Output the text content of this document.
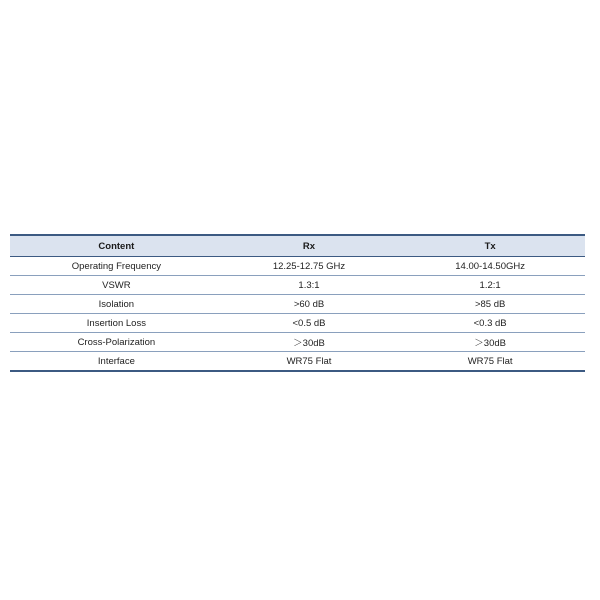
Content	Rx	Tx
Operating Frequency	12.25-12.75 GHz	14.00-14.50GHz
VSWR	1.3:1	1.2:1
Isolation	>60 dB	>85 dB
Insertion Loss	<0.5 dB	<0.3 dB
Cross-Polarization	＞30dB	＞30dB
Interface	WR75 Flat	WR75 Flat
